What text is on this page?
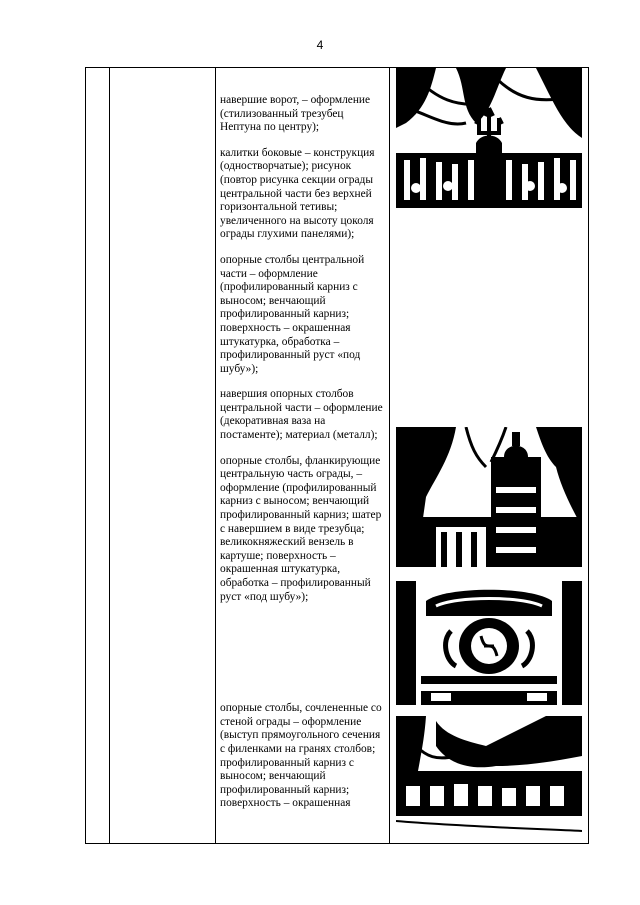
4

навершие ворот, – оформление (стилизованный трезубец Нептуна по центру);

калитки боковые – конструкция (одностворчатые); рисунок (повтор рисунка секции ограды центральной части без верхней горизонтальной тетивы; увеличенного на высоту цоколя ограды глухими панелями);

опорные столбы центральной части – оформление (профилированный карниз с выносом; венчающий профилированный карниз; поверхность – окрашенная штукатурка, обработка – профилированный руст «под шубу»);

навершия опорных столбов центральной части – оформление (декоративная ваза на постаменте); материал (металл);

опорные столбы, фланкирующие центральную часть ограды, – оформление (профилированный карниз с выносом; венчающий профилированный карниз; шатер с навершием в виде трезубца; великокняжеский вензель в картуше; поверхность – окрашенная штукатурка, обработка – профилированный руст «под шубу»);

опорные столбы, сочлененные со стеной ограды – оформление (выступ прямоугольного сечения с филенками на гранях столбов; профилированный карниз с выносом; венчающий профилированный карниз; поверхность – окрашенная
